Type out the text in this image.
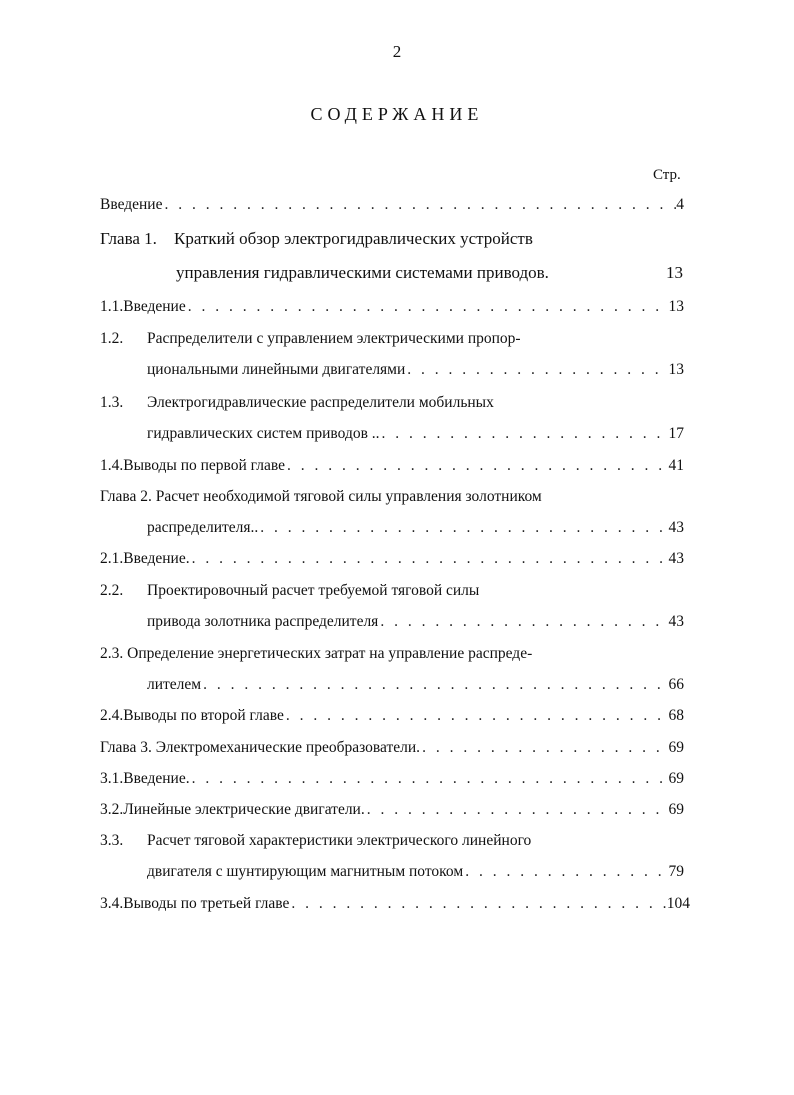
2
СОДЕРЖАНИЕ
Стр.
Введение . . .	4
Глава 1. Краткий обзор электрогидравлических устройств
управления гидравлическими системами приводов.	13
1.1. Введение . . .	13
1.2. Распределители с управлением электрическими пропор-
циональными линейными двигателями . . .	13
1.3. Электрогидравлические распределители мобильных
гидравлических систем приводов .. . . .	17
1.4. Выводы по первой главе . . .	41
Глава 2. Расчет необходимой тяговой силы управления золотником
распределителя.. . . .	43
2.1. Введение. . . .	43
2.2. Проектировочный расчет требуемой тяговой силы
привода золотника распределителя . . .	43
2.3. Определение энергетических затрат на управление распреде-
лителем . . .	66
2.4. Выводы по второй главе . . .	68
Глава 3. Электромеханические преобразователи. . . .	69
3.1. Введение. . . .	69
3.2. Линейные электрические двигатели. . . .	69
3.3. Расчет тяговой характеристики электрического линейного
двигателя с шунтирующим магнитным потоком . . .	79
3.4. Выводы по третьей главе . . .	104
